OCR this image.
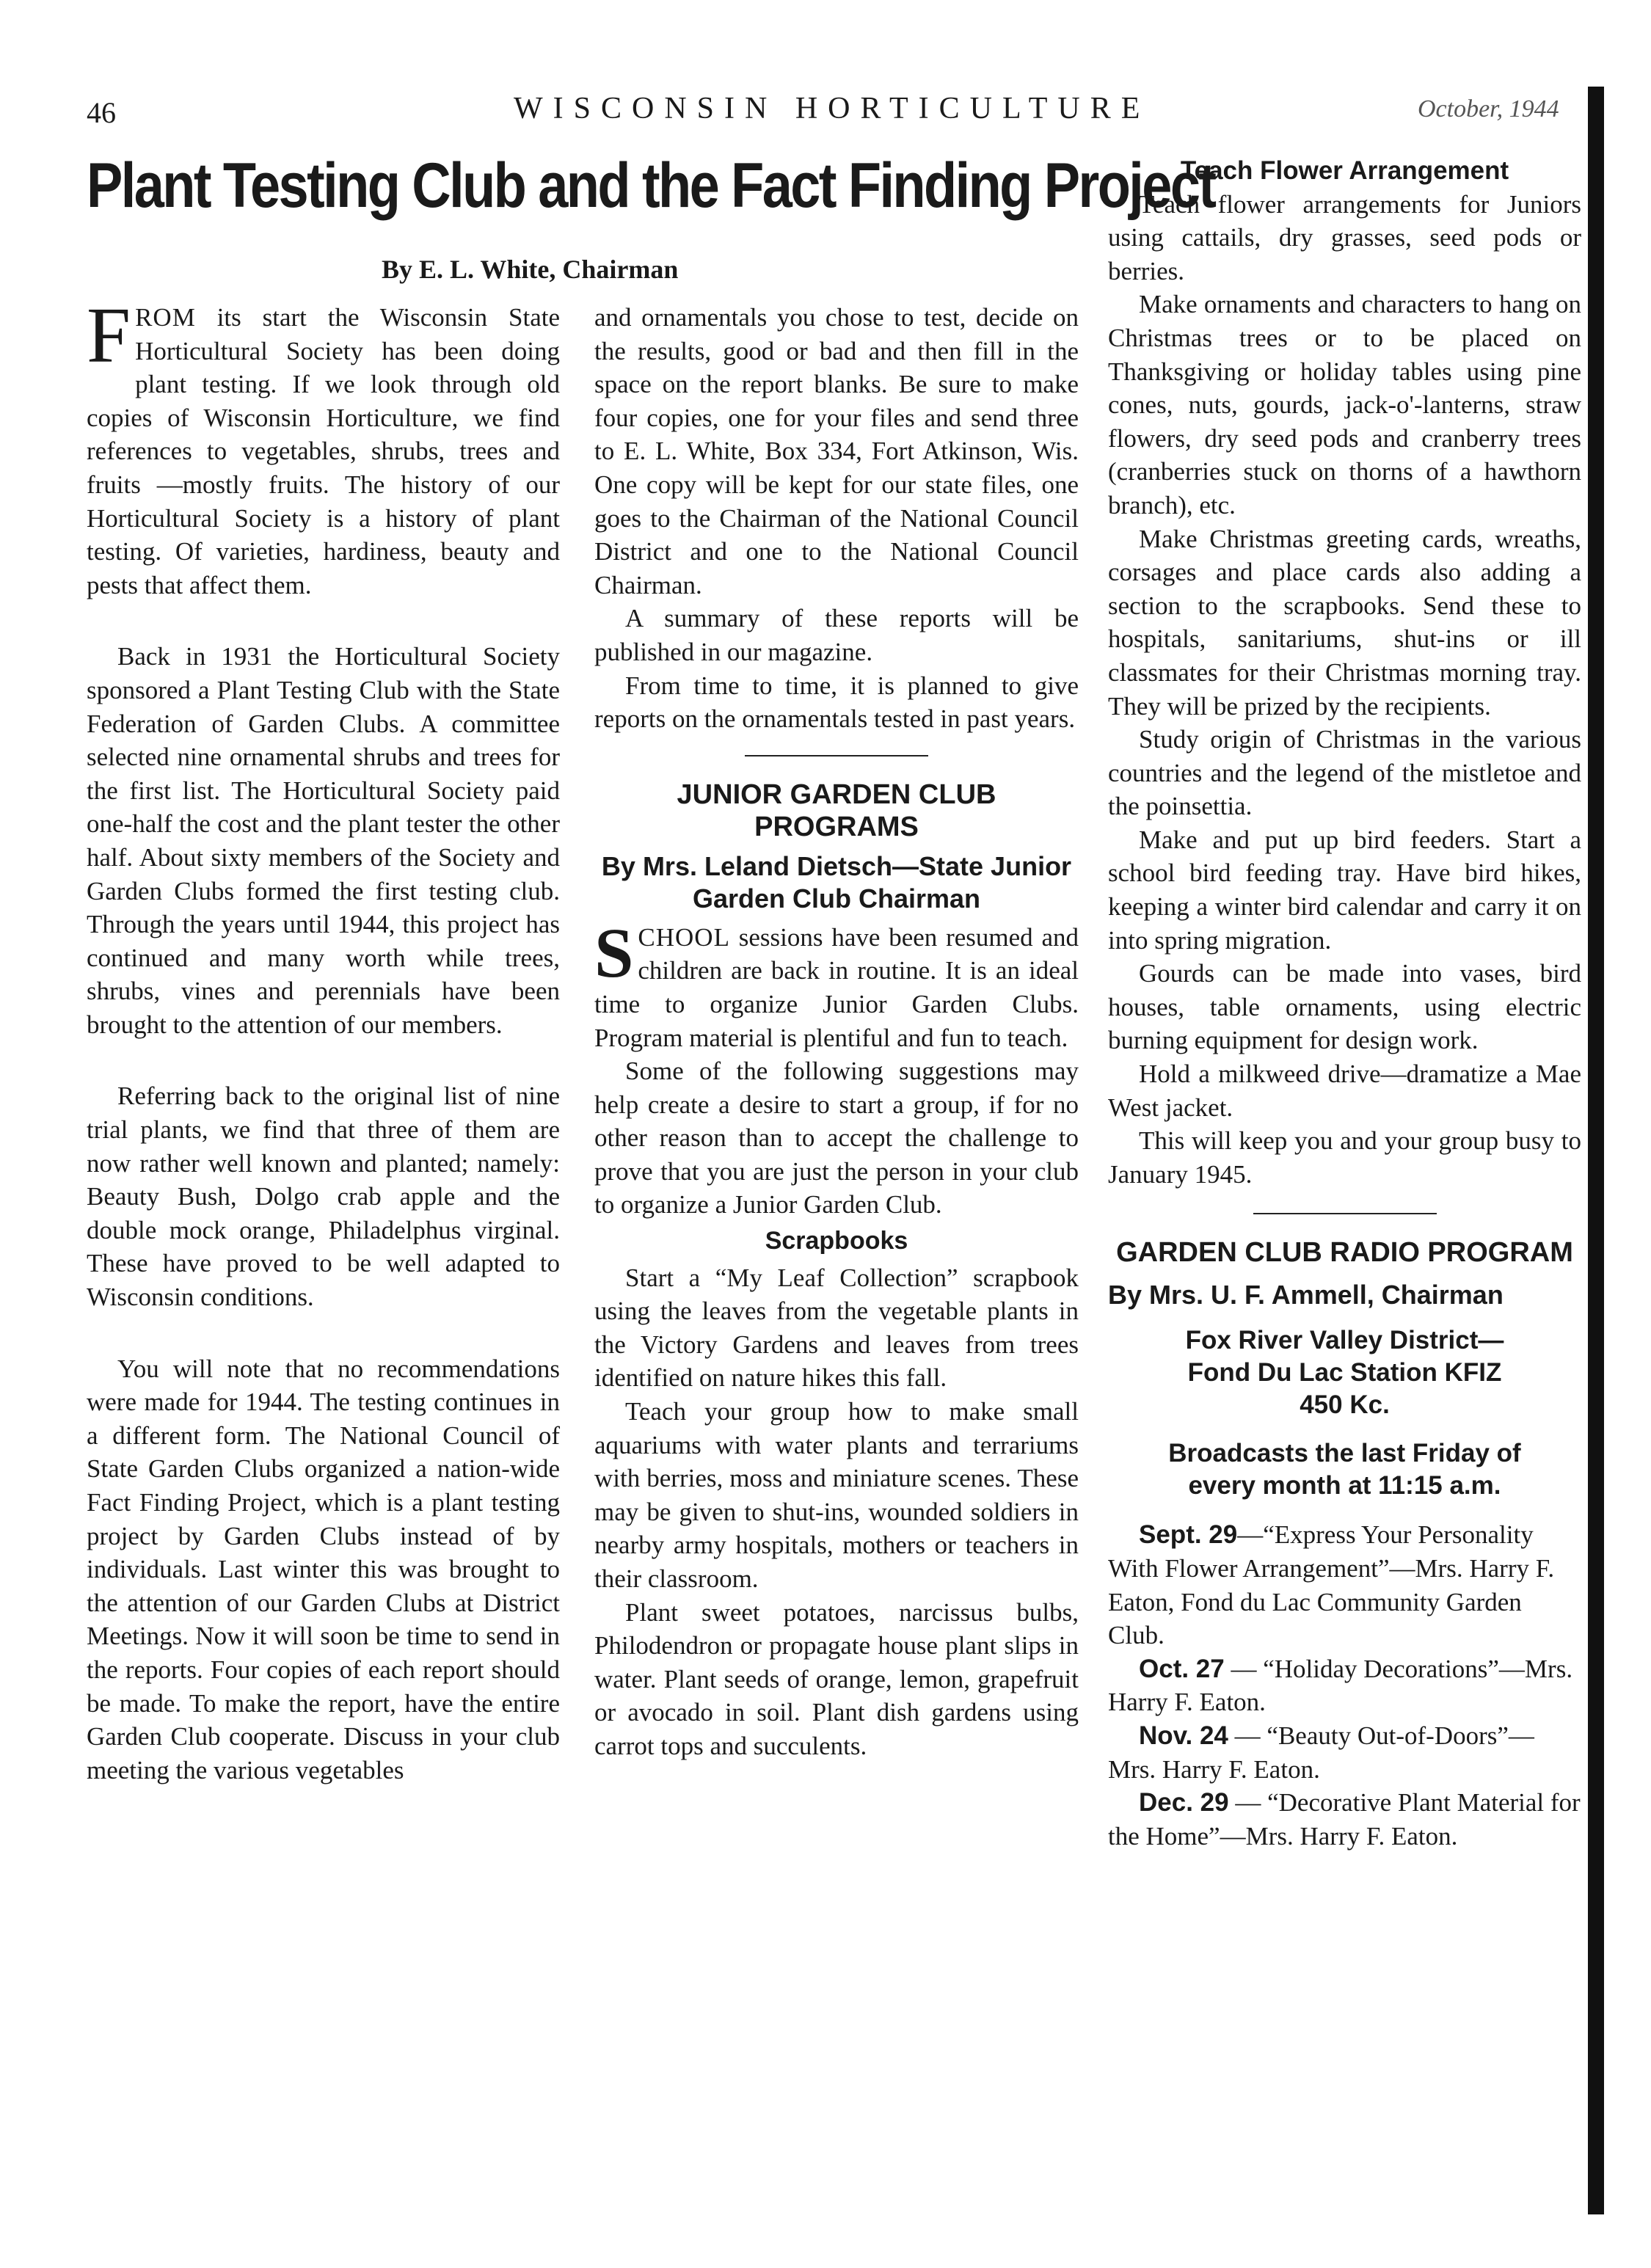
46	WISCONSIN HORTICULTURE	October, 1944
Plant Testing Club and the Fact Finding Project
By E. L. White, Chairman

FROM its start the Wisconsin State Horticultural Society has been doing plant testing. If we look through old copies of Wisconsin Horticulture, we find references to vegetables, shrubs, trees and fruits —mostly fruits. The history of our Horticultural Society is a history of plant testing. Of varieties, hardiness, beauty and pests that affect them.

Back in 1931 the Horticultural Society sponsored a Plant Testing Club with the State Federation of Garden Clubs. A committee selected nine ornamental shrubs and trees for the first list. The Horticultural Society paid one-half the cost and the plant tester the other half. About sixty members of the Society and Garden Clubs formed the first testing club. Through the years until 1944, this project has continued and many worth while trees, shrubs, vines and perennials have been brought to the attention of our members.

Referring back to the original list of nine trial plants, we find that three of them are now rather well known and planted; namely: Beauty Bush, Dolgo crab apple and the double mock orange, Philadelphus virginal. These have proved to be well adapted to Wisconsin conditions.

You will note that no recommendations were made for 1944. The testing continues in a different form. The National Council of State Garden Clubs organized a nation-wide Fact Finding Project, which is a plant testing project by Garden Clubs instead of by individuals. Last winter this was brought to the attention of our Garden Clubs at District Meetings. Now it will soon be time to send in the reports. Four copies of each report should be made. To make the report, have the entire Garden Club cooperate. Discuss in your club meeting the various vegetables

and ornamentals you chose to test, decide on the results, good or bad and then fill in the space on the report blanks. Be sure to make four copies, one for your files and send three to E. L. White, Box 334, Fort Atkinson, Wis. One copy will be kept for our state files, one goes to the Chairman of the National Council District and one to the National Council Chairman.

A summary of these reports will be published in our magazine.

From time to time, it is planned to give reports on the ornamentals tested in past years.

JUNIOR GARDEN CLUB PROGRAMS
By Mrs. Leland Dietsch—State Junior Garden Club Chairman

SCHOOL sessions have been resumed and children are back in routine. It is an ideal time to organize Junior Garden Clubs. Program material is plentiful and fun to teach.

Some of the following suggestions may help create a desire to start a group, if for no other reason than to accept the challenge to prove that you are just the person in your club to organize a Junior Garden Club.

Scrapbooks

Start a “My Leaf Collection” scrapbook using the leaves from the vegetable plants in the Victory Gardens and leaves from trees identified on nature hikes this fall.

Teach your group how to make small aquariums with water plants and terrariums with berries, moss and miniature scenes. These may be given to shut-ins, wounded soldiers in nearby army hospitals, mothers or teachers in their classroom.

Plant sweet potatoes, narcissus bulbs, Philodendron or propagate house plant slips in water. Plant seeds of orange, lemon, grapefruit or avocado in soil. Plant dish gardens using carrot tops and succulents.

Teach Flower Arrangement

Teach flower arrangements for Juniors using cattails, dry grasses, seed pods or berries.

Make ornaments and characters to hang on Christmas trees or to be placed on Thanksgiving or holiday tables using pine cones, nuts, gourds, jack-o'-lanterns, straw flowers, dry seed pods and cranberry trees (cranberries stuck on thorns of a hawthorn branch), etc.

Make Christmas greeting cards, wreaths, corsages and place cards also adding a section to the scrapbooks. Send these to hospitals, sanitariums, shut-ins or ill classmates for their Christmas morning tray. They will be prized by the recipients.

Study origin of Christmas in the various countries and the legend of the mistletoe and the poinsettia.

Make and put up bird feeders. Start a school bird feeding tray. Have bird hikes, keeping a winter bird calendar and carry it on into spring migration.

Gourds can be made into vases, bird houses, table ornaments, using electric burning equipment for design work.

Hold a milkweed drive—dramatize a Mae West jacket.

This will keep you and your group busy to January 1945.

GARDEN CLUB RADIO PROGRAM
By Mrs. U. F. Ammell, Chairman
Fox River Valley District—
Fond Du Lac Station KFIZ
450 Kc.
Broadcasts the last Friday of
every month at 11:15 a.m.

Sept. 29—“Express Your Personality With Flower Arrangement”—Mrs. Harry F. Eaton, Fond du Lac Community Garden Club.

Oct. 27 — “Holiday Decorations”—Mrs. Harry F. Eaton.

Nov. 24 — “Beauty Out-of-Doors”—Mrs. Harry F. Eaton.

Dec. 29 — “Decorative Plant Material for the Home”—Mrs. Harry F. Eaton.
